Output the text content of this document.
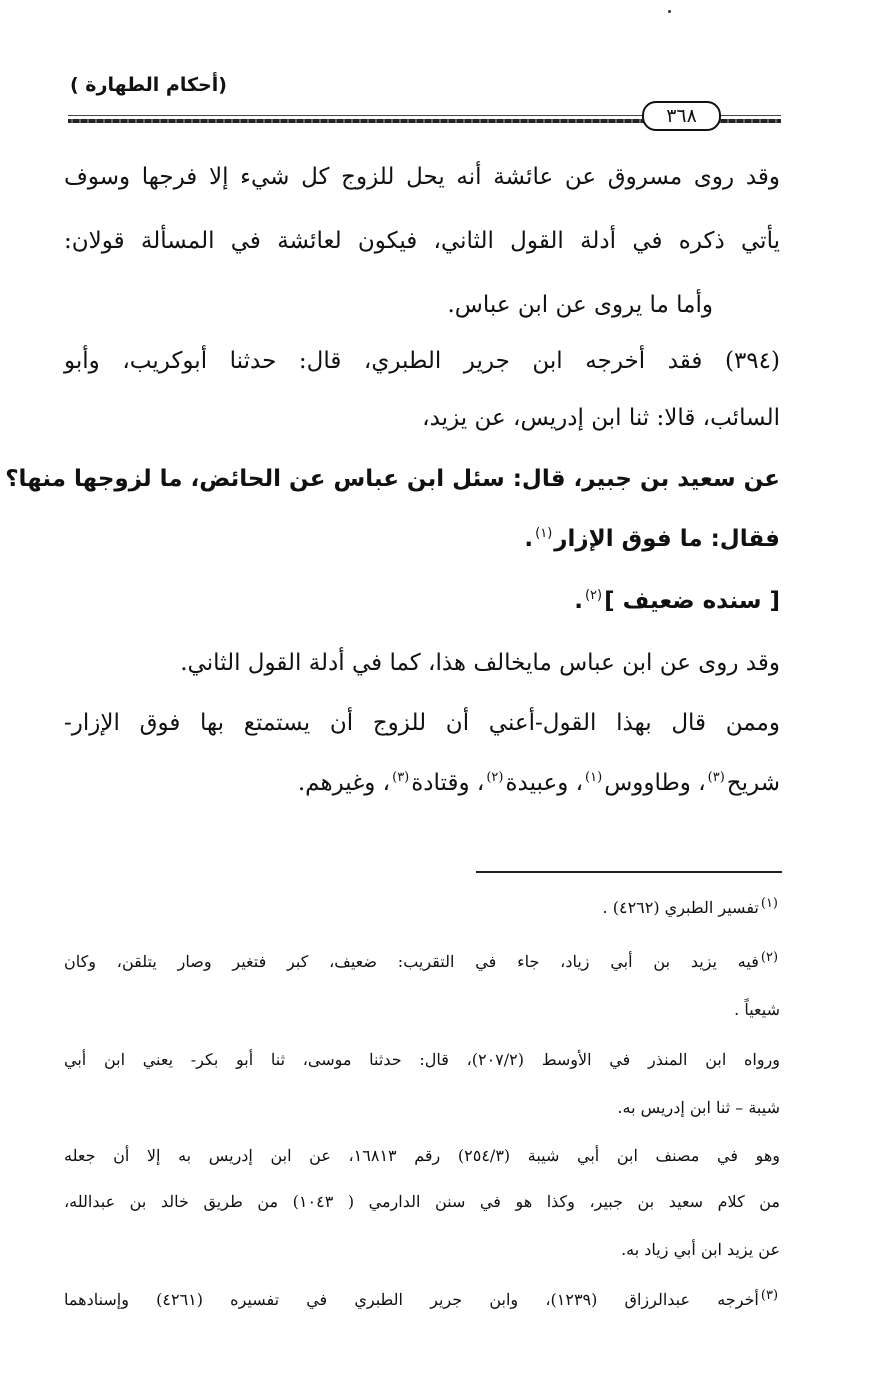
(أحكام الطهارة )
٣٦٨
وقد روى مسروق عن عائشة أنه يحل للزوج كل شيء إلا فرجها وسوف
يأتي ذكره في أدلة القول الثاني، فيكون لعائشة في المسألة قولان:
وأما ما يروى عن ابن عباس.
(٣٩٤) فقد أخرجه ابن جرير الطبري، قال: حدثنا أبوكريب، وأبو
السائب، قالا: ثنا ابن إدريس، عن يزيد،
عن سعيد بن جبير، قال: سئل ابن عباس عن الحائض، ما لزوجها منها؟
فقال: ما فوق الإزار$^{(١)}$.
[ سنده ضعيف ]$^{(٢)}$.
وقد روى عن ابن عباس مايخالف هذا، كما في أدلة القول الثاني.
وممن قال بهذا القول-أعني أن للزوج أن يستمتع بها فوق الإزار-
شريح$^{(٣)}$، وطاووس$^{(١)}$، وعبيدة$^{(٢)}$، وقتادة$^{(٣)}$، وغيرهم.
$^{(١)}$تفسير الطبري (٤٢٦٢) .
$^{(٢)}$فيه يزيد بن أبي زياد، جاء في التقريب: ضعيف، كبر فتغير وصار يتلقن، وكان
شيعياً .
ورواه ابن المنذر في الأوسط (٢٠٧/٢)، قال: حدثنا موسى، ثنا أبو بكر- يعني ابن أبي
شيبة – ثنا ابن إدريس به.
وهو في مصنف ابن أبي شيبة (٢٥٤/٣) رقم ١٦٨١٣، عن ابن إدريس به إلا أن جعله
من كلام سعيد بن جبير، وكذا هو في سنن الدارمي ( ١٠٤٣) من طريق خالد بن عبدالله،
عن يزيد ابن أبي زياد به.
$^{(٣)}$أخرجه عبدالرزاق (١٢٣٩)، وابن جرير الطبري في تفسيره (٤٢٦١) وإسنادهما
